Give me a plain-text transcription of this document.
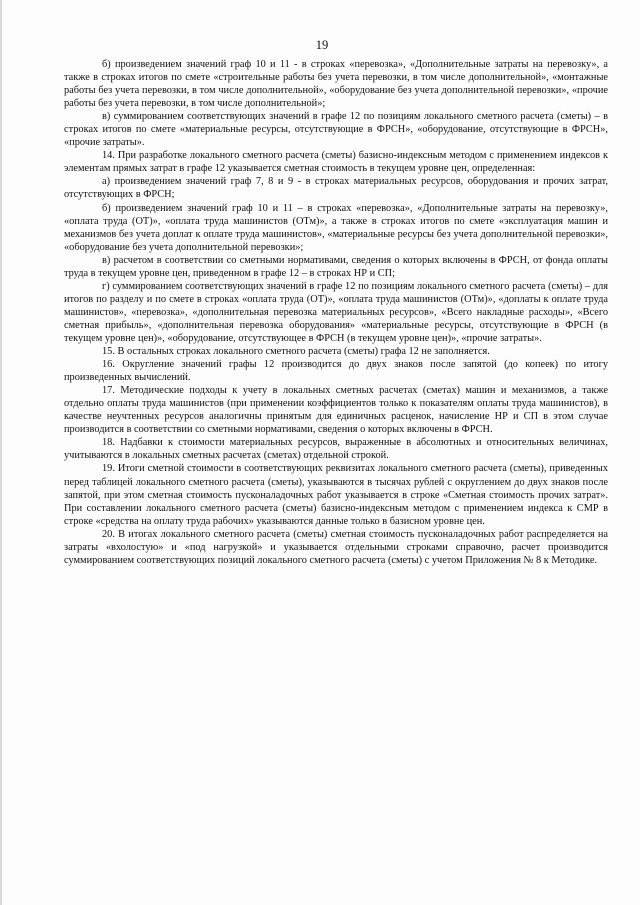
19

б) произведением значений граф 10 и 11 - в строках «перевозка», «Дополнительные затраты на перевозку», а также в строках итогов по смете «строительные работы без учета перевозки, в том числе дополнительной», «монтажные работы без учета перевозки, в том числе дополнительной», «оборудование без учета дополнительной перевозки», «прочие работы без учета перевозки, в том числе дополнительной»;

в) суммированием соответствующих значений в графе 12 по позициям локального сметного расчета (сметы) – в строках итогов по смете «материальные ресурсы, отсутствующие в ФРСН», «оборудование, отсутствующие в ФРСН», «прочие затраты».

14. При разработке локального сметного расчета (сметы) базисно-индексным методом с применением индексов к элементам прямых затрат в графе 12 указывается сметная стоимость в текущем уровне цен, определенная:

а) произведением значений граф 7, 8 и 9 - в строках материальных ресурсов, оборудования и прочих затрат, отсутствующих в ФРСН;

б) произведением значений граф 10 и 11 – в строках «перевозка», «Дополнительные затраты на перевозку», «оплата труда (ОТ)», «оплата труда машинистов (ОТм)», а также в строках итогов по смете «эксплуатация машин и механизмов без учета доплат к оплате труда машинистов», «материальные ресурсы без учета дополнительной перевозки», «оборудование без учета дополнительной перевозки»;

в) расчетом в соответствии со сметными нормативами, сведения о которых включены в ФРСН, от фонда оплаты труда в текущем уровне цен, приведенном в графе 12 – в строках НР и СП;

г) суммированием соответствующих значений в графе 12 по позициям локального сметного расчета (сметы) – для итогов по разделу и по смете в строках «оплата труда (ОТ)», «оплата труда машинистов (ОТм)», «доплаты к оплате труда машинистов», «перевозка», «дополнительная перевозка материальных ресурсов», «Всего накладные расходы», «Всего сметная прибыль», «дополнительная перевозка оборудования» «материальные ресурсы, отсутствующие в ФРСН (в текущем уровне цен)», «оборудование, отсутствующее в ФРСН (в текущем уровне цен)», «прочие затраты».

15. В остальных строках локального сметного расчета (сметы) графа 12 не заполняется.

16. Округление значений графы 12 производится до двух знаков после запятой (до копеек) по итогу произведенных вычислений.

17. Методические подходы к учету в локальных сметных расчетах (сметах) машин и механизмов, а также отдельно оплаты труда машинистов (при применении коэффициентов только к показателям оплаты труда машинистов), в качестве неучтенных ресурсов аналогичны принятым для единичных расценок, начисление НР и СП в этом случае производится в соответствии со сметными нормативами, сведения о которых включены в ФРСН.

18. Надбавки к стоимости материальных ресурсов, выраженные в абсолютных и относительных величинах, учитываются в локальных сметных расчетах (сметах) отдельной строкой.

19. Итоги сметной стоимости в соответствующих реквизитах локального сметного расчета (сметы), приведенных перед таблицей локального сметного расчета (сметы), указываются в тысячах рублей с округлением до двух знаков после запятой, при этом сметная стоимость пусконаладочных работ указывается в строке «Сметная стоимость прочих затрат». При составлении локального сметного расчета (сметы) базисно-индексным методом с применением индекса к СМР в строке «средства на оплату труда рабочих» указываются данные только в базисном уровне цен.

20. В итогах локального сметного расчета (сметы) сметная стоимость пусконаладочных работ распределяется на затраты «вхолостую» и «под нагрузкой» и указывается отдельными строками справочно, расчет производится суммированием соответствующих позиций локального сметного расчета (сметы) с учетом Приложения № 8 к Методике.
